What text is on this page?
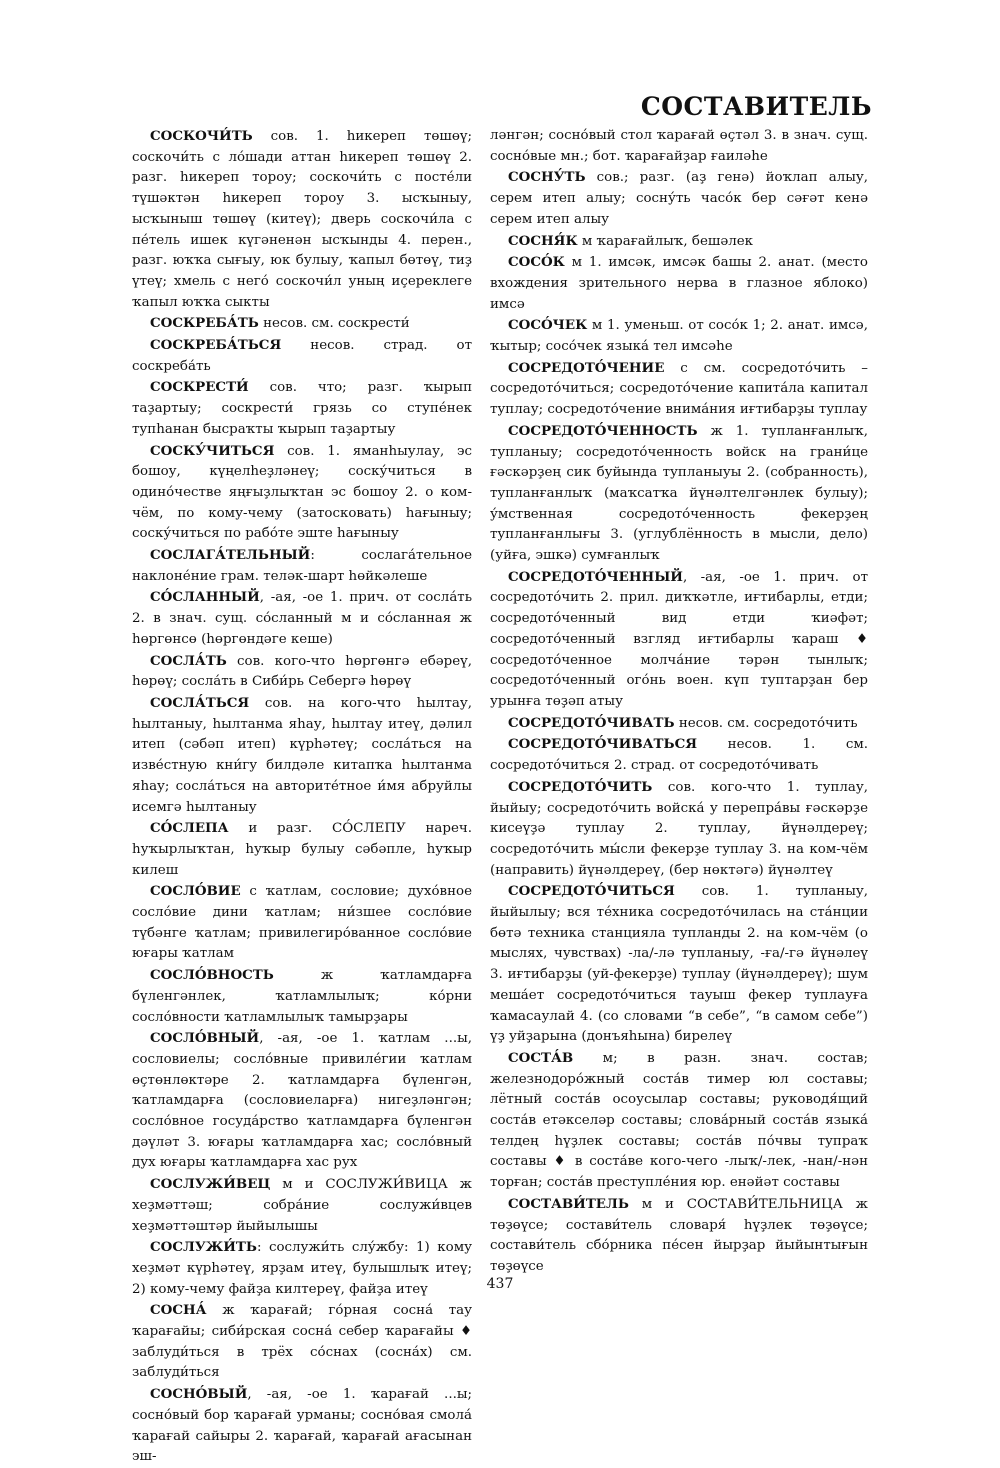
СОСТАВИТЕЛЬ

СОСКОЧИ́ТЬ сов. 1. һикереп төшөү; соскочи́ть с ло́шади аттан һикереп төшөү 2. разг. һикереп тороу; соскочи́ть с посте́ли түшәктән һикереп тороу 3. ысҡыныу, ысҡыныш төшөү (китеү); дверь соскочи́ла с пе́тель ишек күгәненән ысҡынды 4. перен., разг. юҡҡа сығыу, юк булыу, ҡапыл бөтөү, тиҙ үтеү; хмель с него́ соскочи́л уның иҫереклеге ҡапыл юҡҡа сыкты

СОСКРЕБА́ТЬ несов. см. соскрести́

СОСКРЕБА́ТЬСЯ несов. страд. от соскреба́ть

СОСКРЕСТИ́ сов. что; разг. ҡырып таҙартыу; соскрести́ грязь со ступе́нек тупһанан бысраҡты ҡырып таҙартыу

СОСКУ́ЧИТЬСЯ сов. 1. яманһыулау, эс бошоу, күңелһеҙләнеү; соску́читься в одино́честве яңғыҙлыҡтан эс бошоу 2. о ком-чём, по кому-чему (затосковать) һағыныу; соску́читься по рабо́те эште һағыныу

СОСЛАГА́ТЕЛЬНЫЙ: сослага́тельное наклоне́ние грам. теләк-шарт һөйкәлеше

СО́СЛАННЫЙ, -ая, -ое 1. прич. от сосла́ть 2. в знач. сущ. со́сланный м и со́сланная ж һөргөнсө (һөргөндәге кеше)

СОСЛА́ТЬ сов. кого-что һөргөнгә ебәреү, һөрөү; сосла́ть в Сиби́рь Себергә һөрөү

СОСЛА́ТЬСЯ сов. на кого-что һылтау, һылтаныу, һылтанма яһау, һылтау итеү, дәлил итеп (сәбәп итеп) күрһәтеү; сосла́ться на изве́стную кни́гу билдәле китапҡа һылтанма яһау; сосла́ться на авторите́тное и́мя абруйлы исемгә һылтаныу

СО́СЛЕПА и разг. СО́СЛЕПУ нареч. һуҡырлыҡтан, һуҡыр булыу сәбәпле, һуҡыр килеш

СОСЛО́ВИЕ с ҡатлам, сословие; духо́вное сосло́вие дини ҡатлам; ни́зшее сосло́вие түбәнге ҡатлам; привилегиро́ванное сосло́вие юғары ҡатлам

СОСЛО́ВНОСТЬ ж ҡатламдарға бүленгәнлек, ҡатламлылыҡ; ко́рни сосло́вности ҡатламлылыҡ тамырҙары

СОСЛО́ВНЫЙ, -ая, -ое 1. ҡатлам ...ы, сословиелы; сосло́вные привиле́гии ҡатлам өҫтөнлөктәре 2. ҡатламдарға бүленгән, ҡатламдарға (сословиеларға) нигеҙләнгән; сосло́вное госуда́рство ҡатламдарға бүленгән дәүләт 3. юғары ҡатламдарға хас; сосло́вный дух юғары ҡатламдарға хас рух

СОСЛУЖИ́ВЕЦ м и СОСЛУЖИ́ВИЦА ж хеҙмәттәш; собра́ние сослужи́вцев хеҙмәттәштәр йыйылышы

СОСЛУЖИ́ТЬ: сослужи́ть слу́жбу: 1) кому хеҙмәт күрһәтеү, ярҙам итеү, булышлыҡ итеү; 2) кому-чему файҙа килтереү, файҙа итеү

СОСНА́ ж ҡарағай; го́рная сосна́ тау ҡарағайы; сиби́рская сосна́ себер ҡарағайы ♦ заблуди́ться в трёх со́снах (сосна́х) см. заблуди́ться

СОСНО́ВЫЙ, -ая, -ое 1. ҡарағай ...ы; сосно́вый бор ҡарағай урманы; сосно́вая смола́ ҡарағай сайыры 2. ҡарағай, ҡарағай ағасынан эш-

ләнгән; сосно́вый стол ҡарағай өҫтәл 3. в знач. сущ. сосно́вые мн.; бот. ҡарағайҙар ғаиләһе

СОСНУ́ТЬ сов.; разг. (аҙ генә) йоҡлап алыу, серем итеп алыу; сосну́ть часо́к бер сәғәт кенә серем итеп алыу

СОСНЯ́К м ҡарағайлыҡ, бешәлек

СОСО́К м 1. имсәк, имсәк башы 2. анат. (место вхождения зрительного нерва в глазное яблоко) имсә

СОСО́ЧЕК м 1. уменьш. от сосо́к 1; 2. анат. имсә, ҡытыр; сосо́чек языка́ тел имсәһе

СОСРЕДОТО́ЧЕНИЕ с см. сосредото́чить – сосредото́читься; сосредото́чение капита́ла капитал туплау; сосредото́чение внима́ния иғтибарҙы туплау

СОСРЕДОТО́ЧЕННОСТЬ ж 1. тупланғанлыҡ, тупланыу; сосредото́ченность войск на грани́це ғәскәрҙең сик буйында тупланыуы 2. (собранность), тупланғанлыҡ (маҡсатҡа йүнәлтелгәнлек булыу); у́мственная сосредото́ченность фекерҙең тупланғанлығы 3. (углублённость в мысли, дело) (уйға, эшкә) сумғанлыҡ

СОСРЕДОТО́ЧЕННЫЙ, -ая, -ое 1. прич. от сосредото́чить 2. прил. диҡҡәтле, иғтибарлы, етди; сосредото́ченный вид етди ҡиәфәт; сосредото́ченный взгляд иғтибарлы ҡараш ♦ сосредото́ченное молча́ние тәрән тынлыҡ; сосредото́ченный ого́нь воен. күп туптарҙан бер урынға төҙәп атыу

СОСРЕДОТО́ЧИВАТЬ несов. см. сосредото́чить

СОСРЕДОТО́ЧИВАТЬСЯ несов. 1. см. сосредото́читься 2. страд. от сосредото́чивать

СОСРЕДОТО́ЧИТЬ сов. кого-что 1. туплау, йыйыу; сосредото́чить войска́ у перепра́вы ғәскәрҙе кисеүҙә туплау 2. туплау, йүнәлдереү; сосредото́чить мы́сли фекерҙе туплау 3. на ком-чём (направить) йүнәлдереү, (бер нөктәгә) йүнәлтеү

СОСРЕДОТО́ЧИТЬСЯ сов. 1. тупланыу, йыйылыу; вся те́хника сосредото́чилась на ста́нции бөтә техника станцияла тупланды 2. на ком-чём (о мыслях, чувствах) -ла/-лә тупланыу, -ға/-гә йүнәлеү 3. иғтибарҙы (уй-фекерҙе) туплау (йүнәлдереү); шум меша́ет сосредото́читься тауыш фекер туплауға ҡамасаулай 4. (со словами “в себе”, “в самом себе”) үҙ уйҙарына (донъяһына) бирелеү

СОСТА́В м; в разн. знач. состав; железнодоро́жный соста́в тимер юл составы; лётный соста́в осоусылар составы; руководя́щий соста́в етәкселәр составы; слова́рный соста́в языка́ телдең һүҙлек составы; соста́в по́чвы тупраҡ составы ♦ в соста́ве кого-чего -лыҡ/-лек, -нан/-нән торған; соста́в преступле́ния юр. енәйәт составы

СОСТАВИ́ТЕЛЬ м и СОСТАВИ́ТЕЛЬНИЦА ж төҙөүсе; состави́тель словаря́ һүҙлек төҙөүсе; состави́тель сбо́рника пе́сен йырҙар йыйынтығын төҙөүсе

437
